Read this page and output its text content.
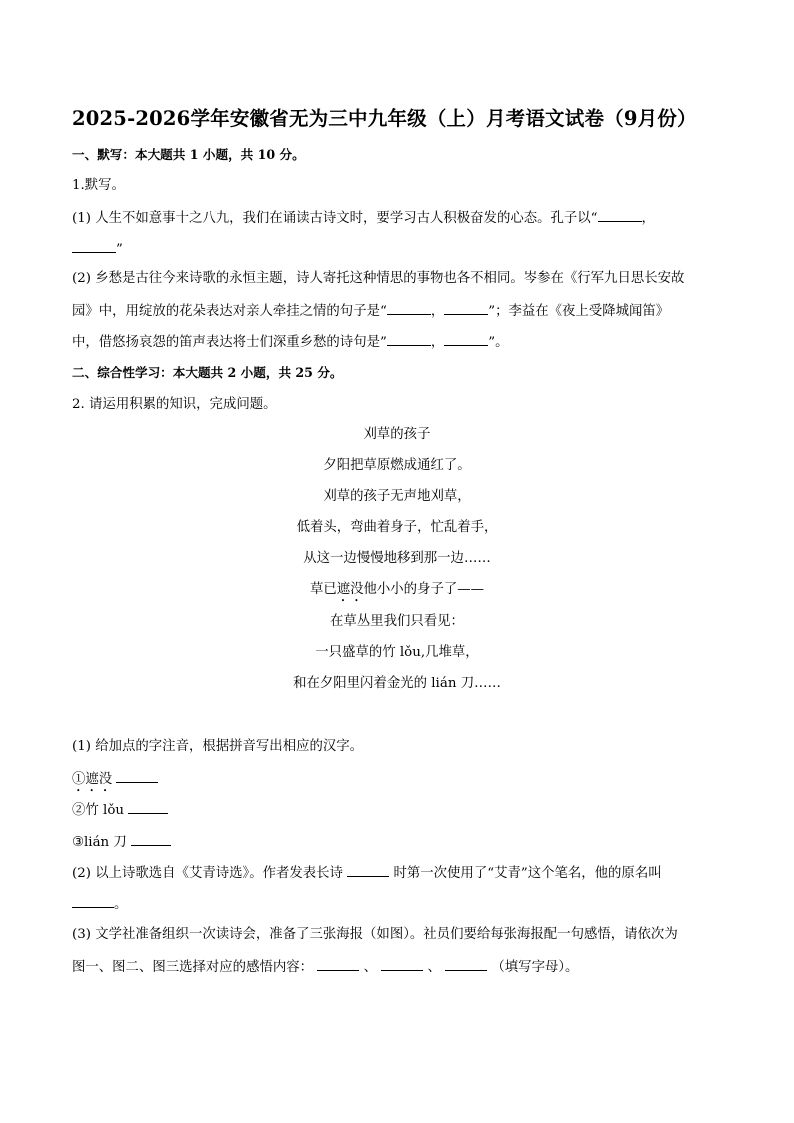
2025-2026学年安徽省无为三中九年级（上）月考语文试卷（9月份）
一、默写：本大题共 1 小题，共 10 分。
1.默写。
(1) 人生不如意事十之八九，我们在诵读古诗文时，要学习古人积极奋发的心态。孔子以“	，
”
(2) 乡愁是古往今来诗歌的永恒主题，诗人寄托这种情思的事物也各不相同。岑参在《行军九日思长安故
园》中，用绽放的花朵表达对亲人牵挂之情的句子是“	，	”；李益在《夜上受降城闻笛》
中，借悠扬哀怨的笛声表达将士们深重乡愁的诗句是”	，	”。
二、综合性学习：本大题共 2 小题，共 25 分。
2. 请运用积累的知识，完成问题。
刈草的孩子
夕阳把草原燃成通红了。
刈草的孩子无声地刈草，
低着头，弯曲着身子，忙乱着手，
从这一边慢慢地移到那一边……
草已遮没他小小的身子了——
在草丛里我们只看见：
一只盛草的竹 lǒu,几堆草，
和在夕阳里闪着金光的 lián 刀……
(1) 给加点的字注音，根据拼音写出相应的汉字。
①遮没
②竹 lǒu
③lián 刀
(2) 以上诗歌选自《艾青诗选》。作者发表长诗	时第一次使用了“艾青”这个笔名，他的原名叫
。
(3) 文学社准备组织一次读诗会，准备了三张海报（如图）。社员们要给每张海报配一句感悟，请依次为
图一、图二、图三选择对应的感悟内容：	、	、	（填写字母）。
